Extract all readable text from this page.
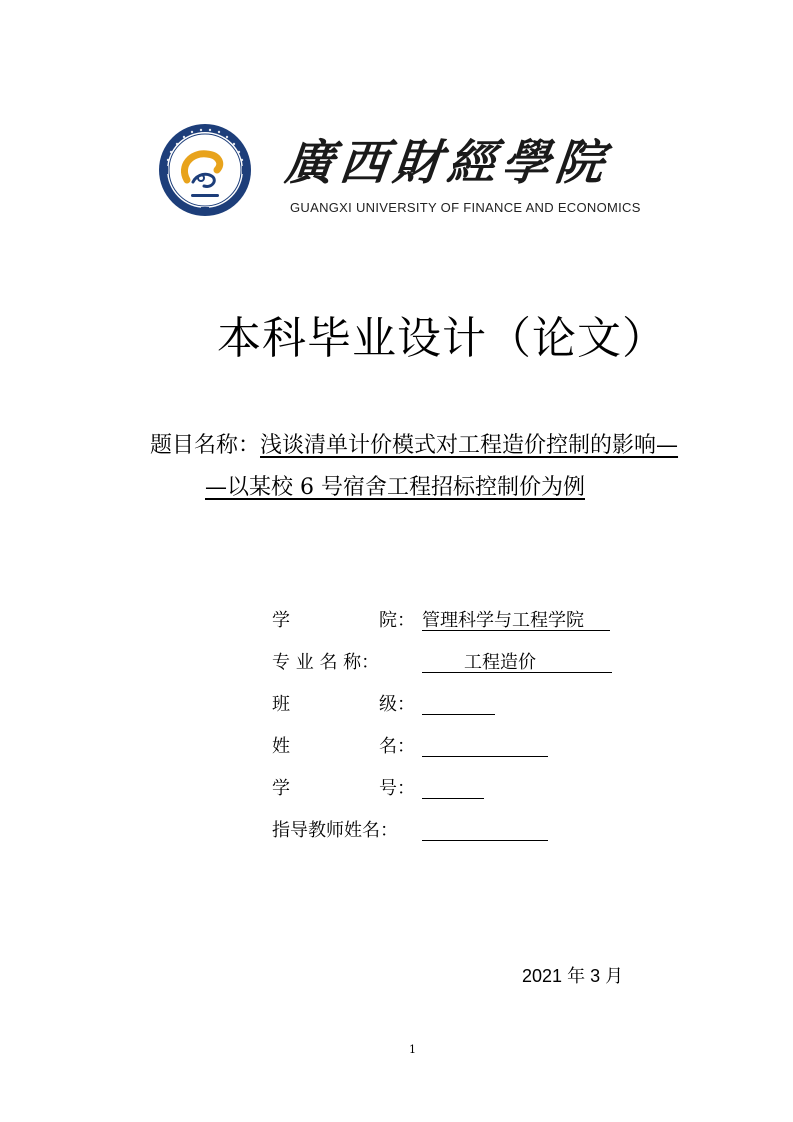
廣西財經學院
GUANGXI UNIVERSITY OF FINANCE AND ECONOMICS
本科毕业设计（论文）
题目名称：浅谈清单计价模式对工程造价控制的影响—
—以某校 6 号宿舍工程招标控制价为例
学	院： 管理科学与工程学院
专 业 名 称：	工程造价
班	级：
姓	名：
学	号：
指导教师姓名：
2021 年 3 月
1
